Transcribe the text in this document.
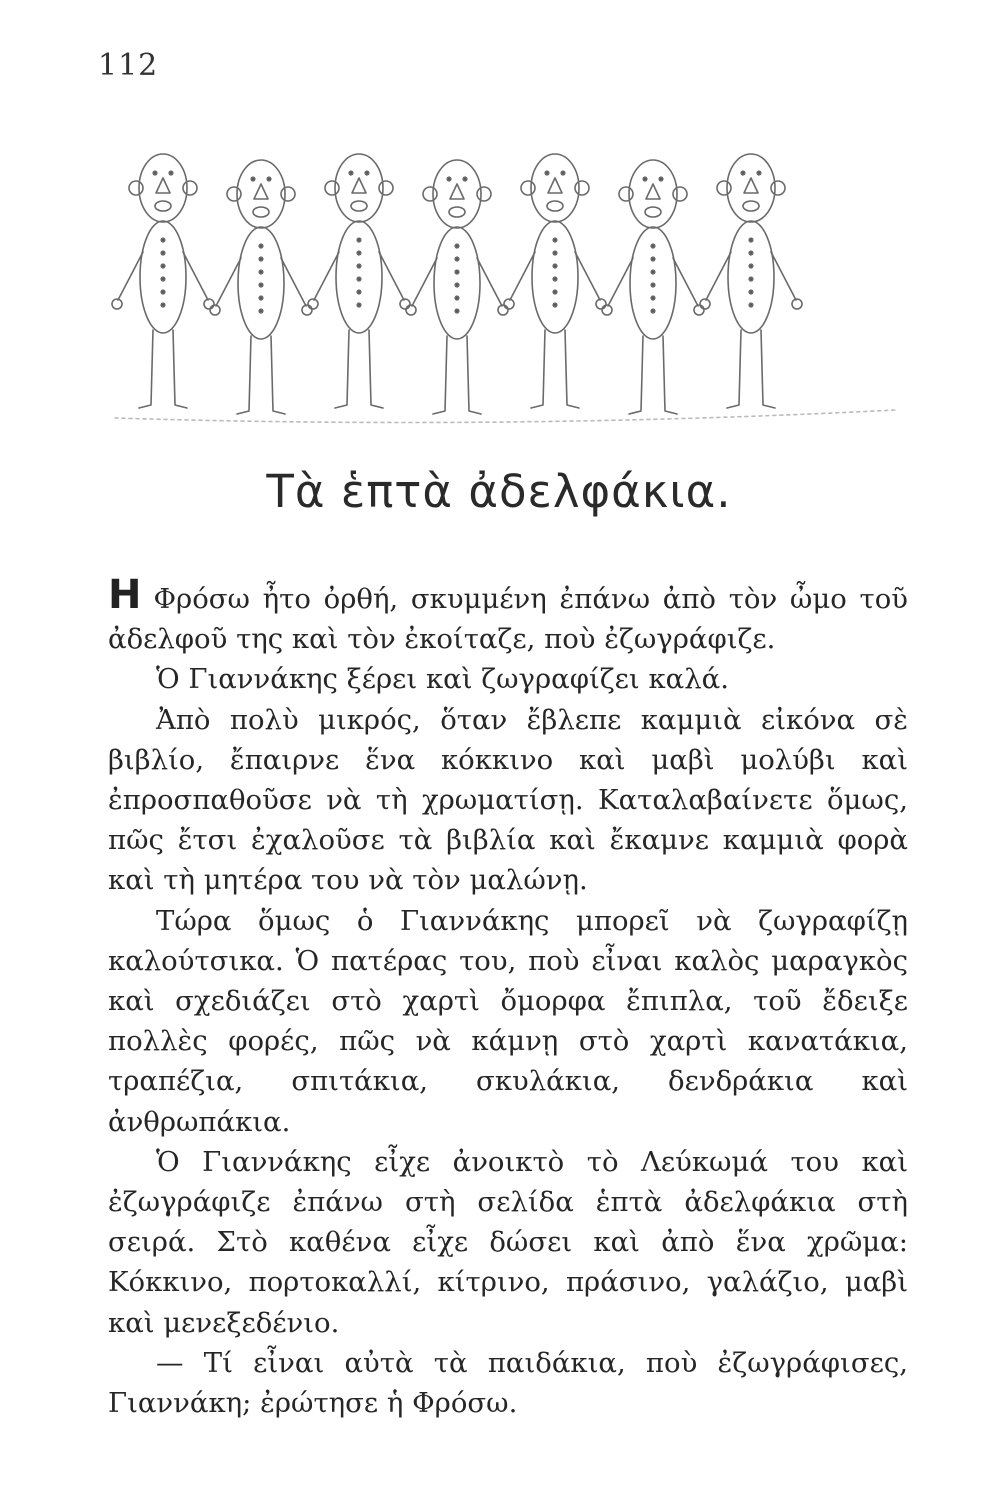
112
Τὰ ἑπτὰ ἀδελφάκια.

Η Φρόσω ἦτο ὀρθή, σκυμμένη ἐπάνω ἀπὸ τὸν ὦμο τοῦ ἀδελφοῦ της καὶ τὸν ἐκοίταζε, ποὺ ἐζωγράφιζε.

Ὁ Γιαννάκης ξέρει καὶ ζωγραφίζει καλά.

Ἀπὸ πολὺ μικρός, ὅταν ἔβλεπε καμμιὰ εἰκόνα σὲ βιβλίο, ἔπαιρνε ἕνα κόκκινο καὶ μαβὶ μολύβι καὶ ἐπροσπαθοῦσε νὰ τὴ χρωματίσῃ. Καταλαβαίνετε ὅμως, πῶς ἔτσι ἐχαλοῦσε τὰ βιβλία καὶ ἔκαμνε καμμιὰ φορὰ καὶ τὴ μητέρα του νὰ τὸν μαλώνῃ.

Τώρα ὅμως ὁ Γιαννάκης μπορεῖ νὰ ζωγραφίζῃ καλούτσικα. Ὁ πατέρας του, ποὺ εἶναι καλὸς μαραγκὸς καὶ σχεδιάζει στὸ χαρτὶ ὄμορφα ἔπιπλα, τοῦ ἔδειξε πολλὲς φορές, πῶς νὰ κάμνῃ στὸ χαρτὶ κανατάκια, τραπέζια, σπιτάκια, σκυλάκια, δενδράκια καὶ ἀνθρωπάκια.

Ὁ Γιαννάκης εἶχε ἀνοικτὸ τὸ Λεύκωμά του καὶ ἐζωγράφιζε ἐπάνω στὴ σελίδα ἑπτὰ ἀδελφάκια στὴ σειρά. Στὸ καθένα εἶχε δώσει καὶ ἀπὸ ἕνα χρῶμα: Κόκκινο, πορτοκαλλί, κίτρινο, πράσινο, γαλάζιο, μαβὶ καὶ μενεξεδένιο.

— Τί εἶναι αὐτὰ τὰ παιδάκια, ποὺ ἐζωγράφισες, Γιαννάκη; ἐρώτησε ἡ Φρόσω.
